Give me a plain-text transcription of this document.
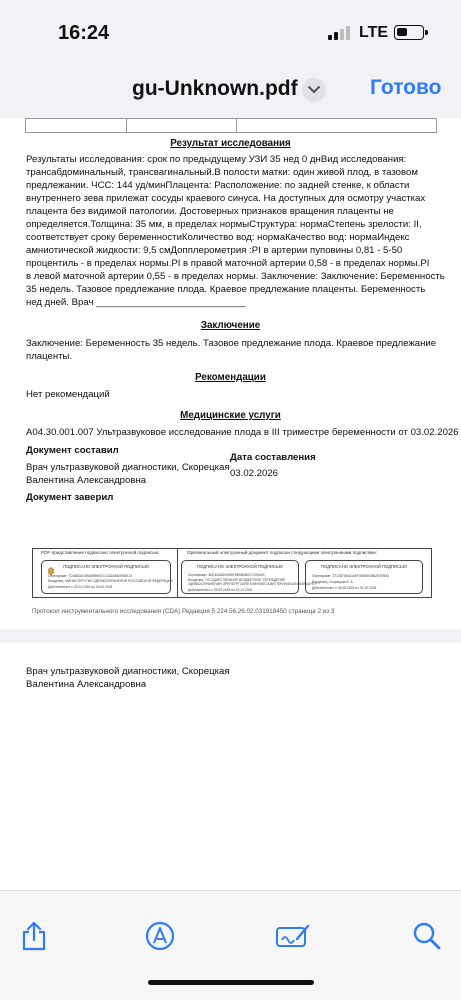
16:24	LTE
gu-Unknown.pdf	Готово
Результат исследования
Результаты исследования: срок по предыдущему УЗИ 35 нед 0 днВид исследования:
трансабдоминальный, трансвагинальный.В полости матки: один живой плод, в тазовом
предлежании. ЧСС: 144 уд/минПлацента: Расположение: по задней стенке, к области
внутреннего зева прилежат сосуды краевого синуса. На доступных для осмотру участках
плацента без видимой патологии. Достоверных признаков вращения плаценты не
определяется.Толщина: 35 мм, в пределах нормыСтруктура: нормаСтепень зрелости: II,
соответствует сроку беременностиКоличество вод: нормаКачество вод: нормаИндекс
амниотической жидкости: 9,5 смДопплерометрия :PI в артерии пуповины 0,81 - 5-50
процентиль - в пределах нормы.PI в правой маточной артерии 0,58 - в пределах нормы.PI
в левой маточной артерии 0,55 - в пределах нормы. Заключение: Заключение: Беременность
35 недель. Тазовое предлежание плода. Краевое предлежание плаценты. Беременность
нед дней. Врач ____________________________
Заключение
Заключение: Беременность 35 недель. Тазовое предлежание плода. Краевое предлежание
плаценты.
Рекомендации
Нет рекомендаций
Медицинские услуги
A04.30.001.007 Ультразвуковое исследование плода в III триместре беременности от 03.02.2026
Документ составил
Врач ультразвуковой диагностики, Скорецкая
Валентина Александровна
Дата составления
03.02.2026
Документ заверил
PDF-представление подписано электронной подписью:	Оригинальный электронный документ подписан следующими электронными подписями:
ПОДПИСАНО ЭЛЕКТРОННОЙ ПОДПИСЬЮ
Сертификат: 7D4882AC9B34B96EDC4162A692E65E14
Владелец: МИНИСТЕРСТВО ЗДРАВООХРАНЕНИЯ РОССИЙСКОЙ ФЕДЕРАЦИИ
Действителен: с 02.04.2025 по 26.06.2026
ПОДПИСАНО ЭЛЕКТРОННОЙ ПОДПИСЬЮ
Сертификат: 5BC63A8D90D6F8E8D6B017C6541B
Владелец: ГОСУДАРСТВЕННОЕ БЮДЖЕТНОЕ УЧРЕЖДЕНИЕ
ЗДРАВООХРАНЕНИЯ ОРЕНБУРГСКИЙ КЛИНИЧЕСКИЙ ПЕРИНАТАЛЬНЫЙ ЦЕНТР
Действителен: с 29.09.2025 по 22.12.2026
ПОДПИСАНО ЭЛЕКТРОННОЙ ПОДПИСЬЮ
Сертификат: 3712B7DB4DA6F78BB9D5B2E3FB0A
Владелец: Скорецкая В. А.
Действителен: с 06.08.2025 по 30.10.2026
Протокол инструментального исследования (CDA) Редакция 5 224.56.26.02.031918450 страница 2 из 3
Врач ультразвуковой диагностики, Скорецкая
Валентина Александровна
